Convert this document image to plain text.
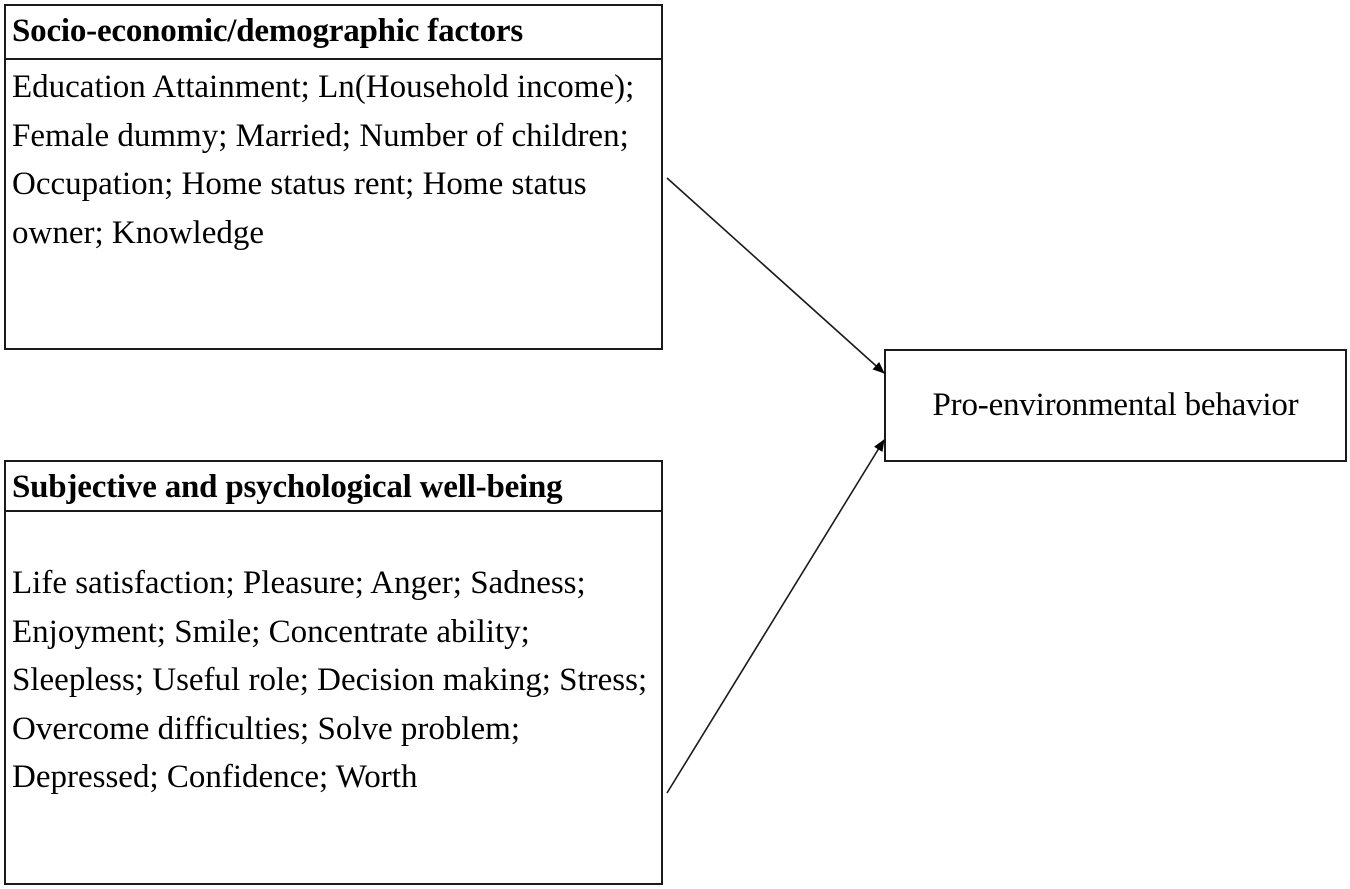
Socio-economic/demographic factors
Education Attainment; Ln(Household income); Female dummy; Married; Number of children; Occupation; Home status rent; Home status owner; Knowledge
Subjective and psychological well-being
Life satisfaction; Pleasure; Anger; Sadness; Enjoyment; Smile; Concentrate ability; Sleepless; Useful role; Decision making; Stress; Overcome difficulties; Solve problem; Depressed; Confidence; Worth
Pro-environmental behavior
